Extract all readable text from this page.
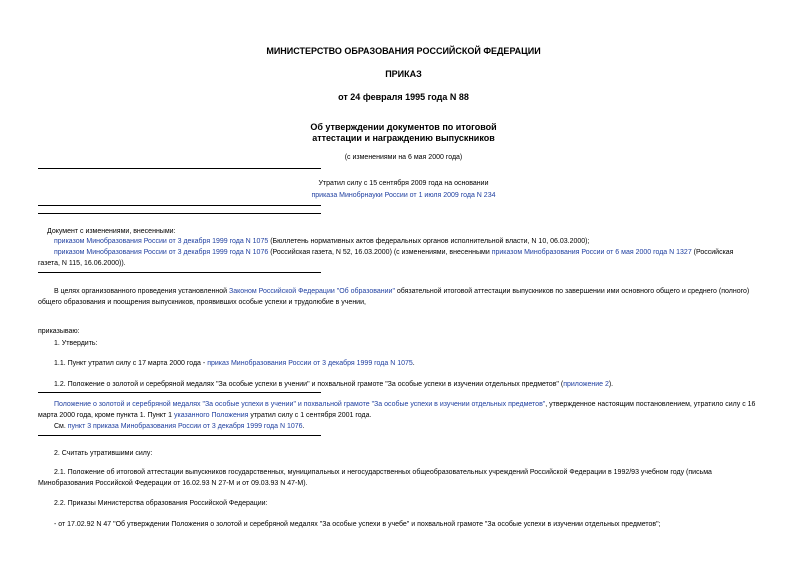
МИНИСТЕРСТВО ОБРАЗОВАНИЯ РОССИЙСКОЙ ФЕДЕРАЦИИ
ПРИКАЗ
от 24 февраля 1995 года N 88
Об утверждении документов по итоговой
аттестации и награждению выпускников
(с изменениями на 6 мая 2000 года)
Утратил силу с 15 сентября 2009 года на основании
приказа Минобрнауки России от 1 июля 2009 года N 234
Документ с изменениями, внесенными:
приказом Минобразования России от 3 декабря 1999 года N 1075 (Бюллетень нормативных актов федеральных органов исполнительной власти, N 10, 06.03.2000);
приказом Минобразования России от 3 декабря 1999 года N 1076 (Российская газета, N 52, 16.03.2000) (с изменениями, внесенными приказом Минобразования России от 6 мая 2000 года N 1327 (Российская
газета, N 115, 16.06.2000)).
В целях организованного проведения установленной Законом Российской Федерации "Об образовании" обязательной итоговой аттестации выпускников по завершении ими основного общего и среднего (полного)
общего образования и поощрения выпускников, проявивших особые успехи и трудолюбие в учении,
приказываю:
1. Утвердить:
1.1. Пункт утратил силу с 17 марта 2000 года - приказ Минобразования России от 3 декабря 1999 года N 1075.
1.2. Положение о золотой и серебряной медалях "За особые успехи в учении" и похвальной грамоте "За особые успехи в изучении отдельных предметов" (приложение 2).
Положение о золотой и серебряной медалях "За особые успехи в учении" и похвальной грамоте "За особые успехи в изучении отдельных предметов", утвержденное настоящим постановлением, утратило силу с 16
марта 2000 года, кроме пункта 1. Пункт 1 указанного Положения утратил силу с 1 сентября 2001 года.
См. пункт 3 приказа Минобразования России от 3 декабря 1999 года N 1076.
2. Считать утратившими силу:
2.1. Положение об итоговой аттестации выпускников государственных, муниципальных и негосударственных общеобразовательных учреждений Российской Федерации в 1992/93 учебном году (письма
Минобразования Российской Федерации от 16.02.93 N 27-М и от 09.03.93 N 47-М).
2.2. Приказы Министерства образования Российской Федерации:
- от 17.02.92 N 47 "Об утверждении Положения о золотой и серебряной медалях "За особые успехи в учебе" и похвальной грамоте "За особые успехи в изучении отдельных предметов";
